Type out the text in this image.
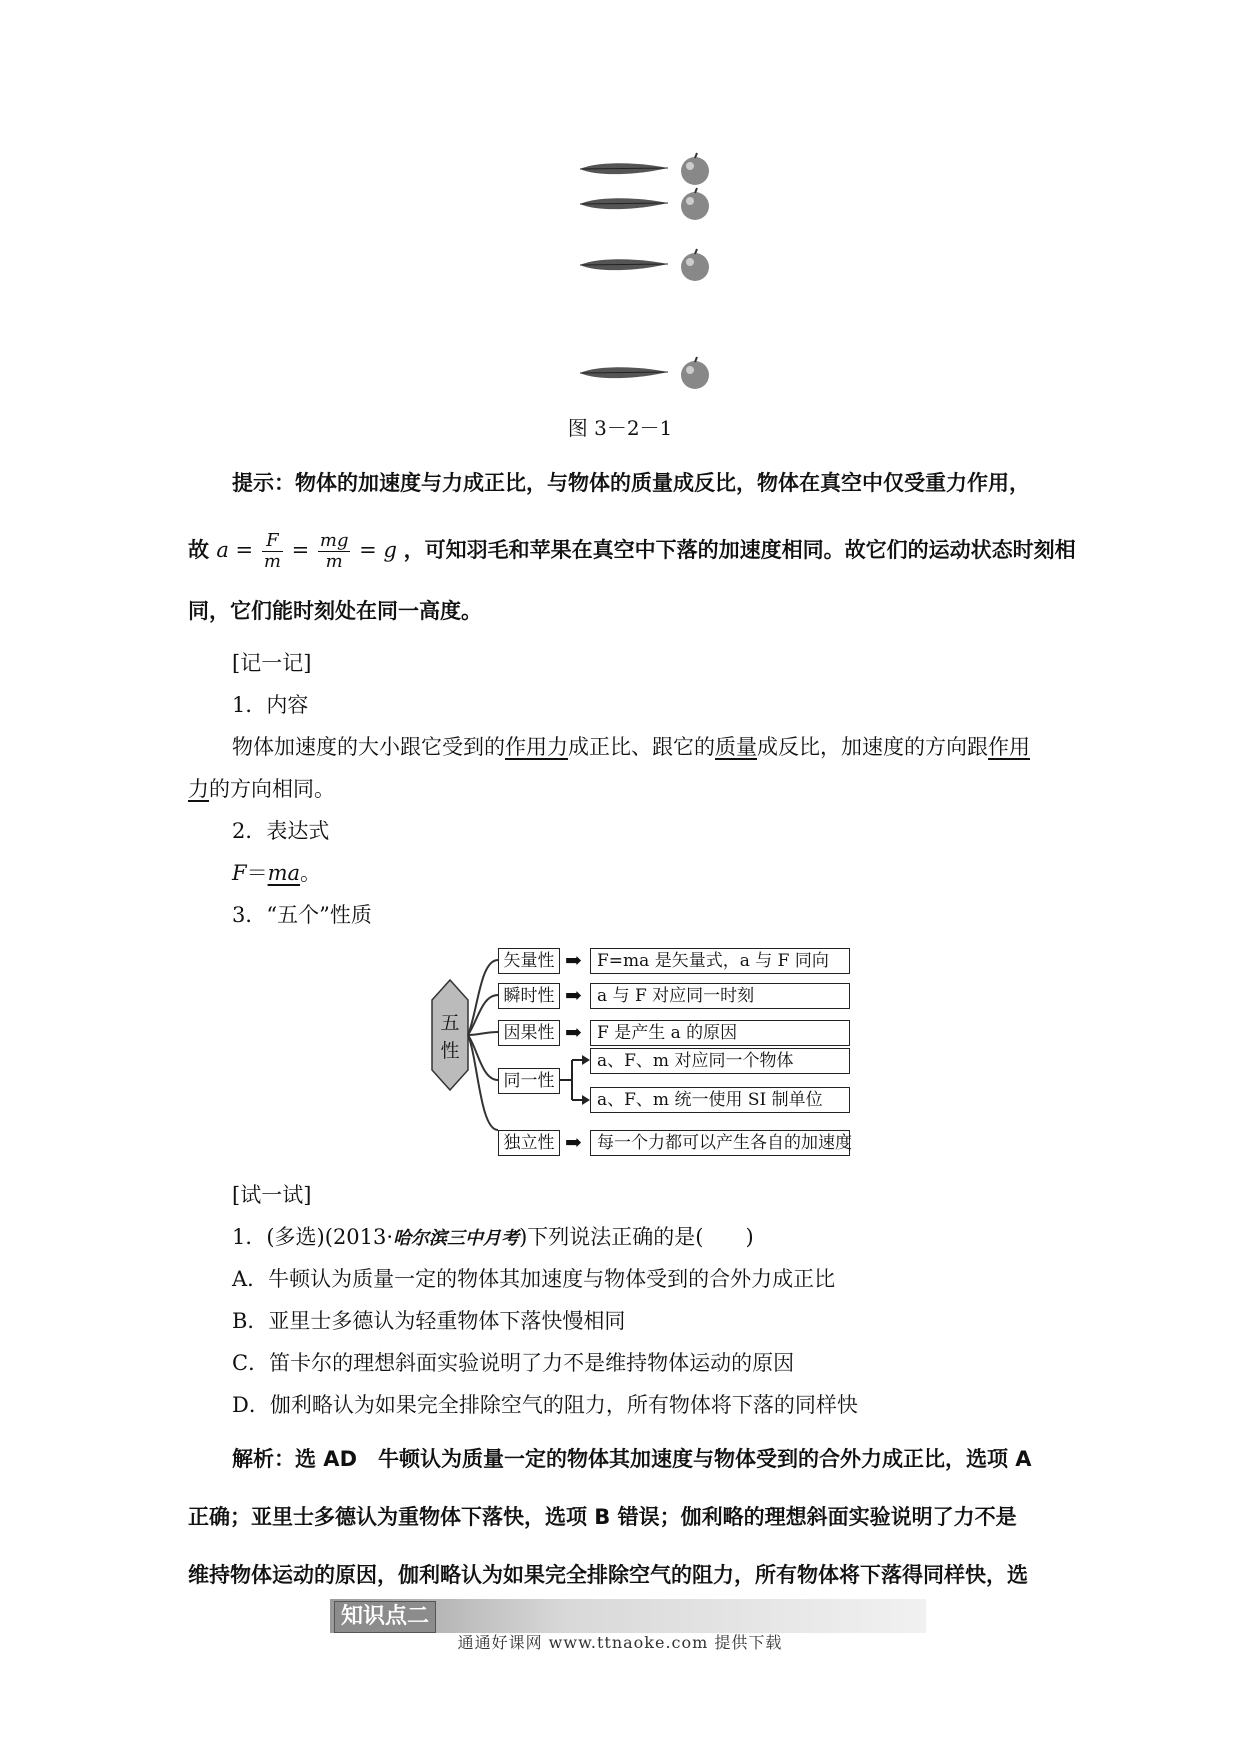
图 3－2－1
提示：物体的加速度与力成正比，与物体的质量成反比，物体在真空中仅受重力作用，
故 $a = \frac{F}{m} = \frac{mg}{m} = g$ ，可知羽毛和苹果在真空中下落的加速度相同。故它们的运动状态时刻相
同，它们能时刻处在同一高度。
[记一记]
1．内容
物体加速度的大小跟它受到的作用力成正比、跟它的质量成反比，加速度的方向跟作用
力的方向相同。
2．表达式
F＝ma。
3．“五个”性质
五
性
矢量性 ➡ F=ma 是矢量式，a 与 F 同向
瞬时性 ➡ a 与 F 对应同一时刻
因果性 ➡ F 是产生 a 的原因
同一性
a、F、m 对应同一个物体
a、F、m 统一使用 SI 制单位
独立性 ➡ 每一个力都可以产生各自的加速度
[试一试]
1．(多选)(2013·哈尔滨三中月考)下列说法正确的是(　　)
A．牛顿认为质量一定的物体其加速度与物体受到的合外力成正比
B．亚里士多德认为轻重物体下落快慢相同
C．笛卡尔的理想斜面实验说明了力不是维持物体运动的原因
D．伽利略认为如果完全排除空气的阻力，所有物体将下落的同样快
解析：选 AD　牛顿认为质量一定的物体其加速度与物体受到的合外力成正比，选项 A
正确；亚里士多德认为重物体下落快，选项 B 错误；伽利略的理想斜面实验说明了力不是
维持物体运动的原因，伽利略认为如果完全排除空气的阻力，所有物体将下落得同样快，选
知识点二
通通好课网 www.ttnaoke.com 提供下载
